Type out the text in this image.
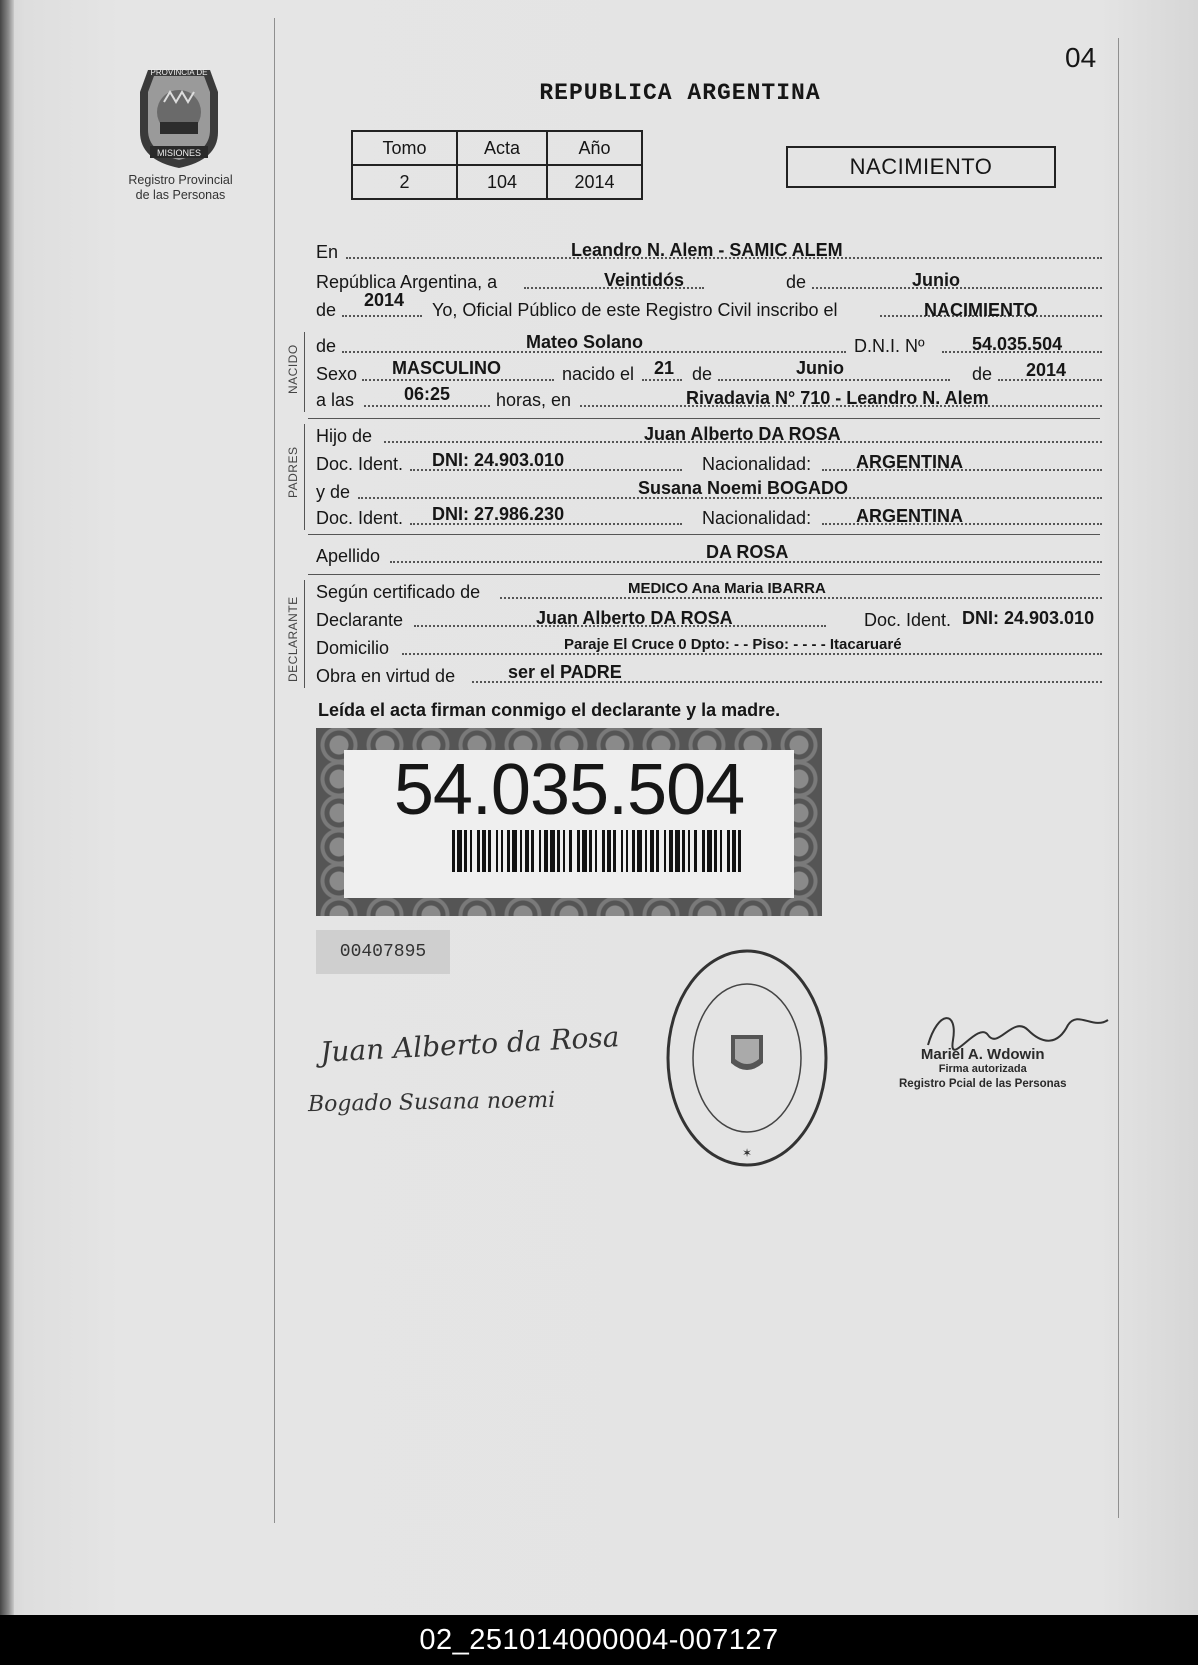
04
PROVINCIA DE
MISIONES
Registro Provincial
de las Personas
REPUBLICA ARGENTINA
Tomo	Acta	Año
2	104	2014
NACIMIENTO
En	Leandro N. Alem - SAMIC ALEM
República Argentina, a	Veintidós	de	Junio
de 2014 Yo, Oficial Público de este Registro Civil inscribo el	NACIMIENTO
NACIDO de	Mateo Solano	D.N.I. Nº	54.035.504
Sexo MASCULINO	nacido el 21 de	Junio	de 2014
a las	06:25	horas, en	Rivadavia N° 710 - Leandro N. Alem
PADRES
Hijo de	Juan Alberto DA ROSA
Doc. Ident. DNI: 24.903.010	Nacionalidad: ARGENTINA
y de	Susana Noemi BOGADO
Doc. Ident. DNI: 27.986.230	Nacionalidad: ARGENTINA
Apellido	DA ROSA
DECLARANTE
Según certificado de	MEDICO Ana Maria IBARRA
Declarante	Juan Alberto DA ROSA	Doc. Ident. DNI: 24.903.010
Domicilio	Paraje El Cruce 0 Dpto: - - Piso: - - - - Itacaruaré
Obra en virtud de	ser el PADRE
Leída el acta firman conmigo el declarante y la madre.
54.035.504
00407895
Juan Alberto da Rosa
Bogado Susana noemi
✶
Mariel A. Wdowin
Firma autorizada
Registro Pcial de las Personas
02_251014000004-007127
